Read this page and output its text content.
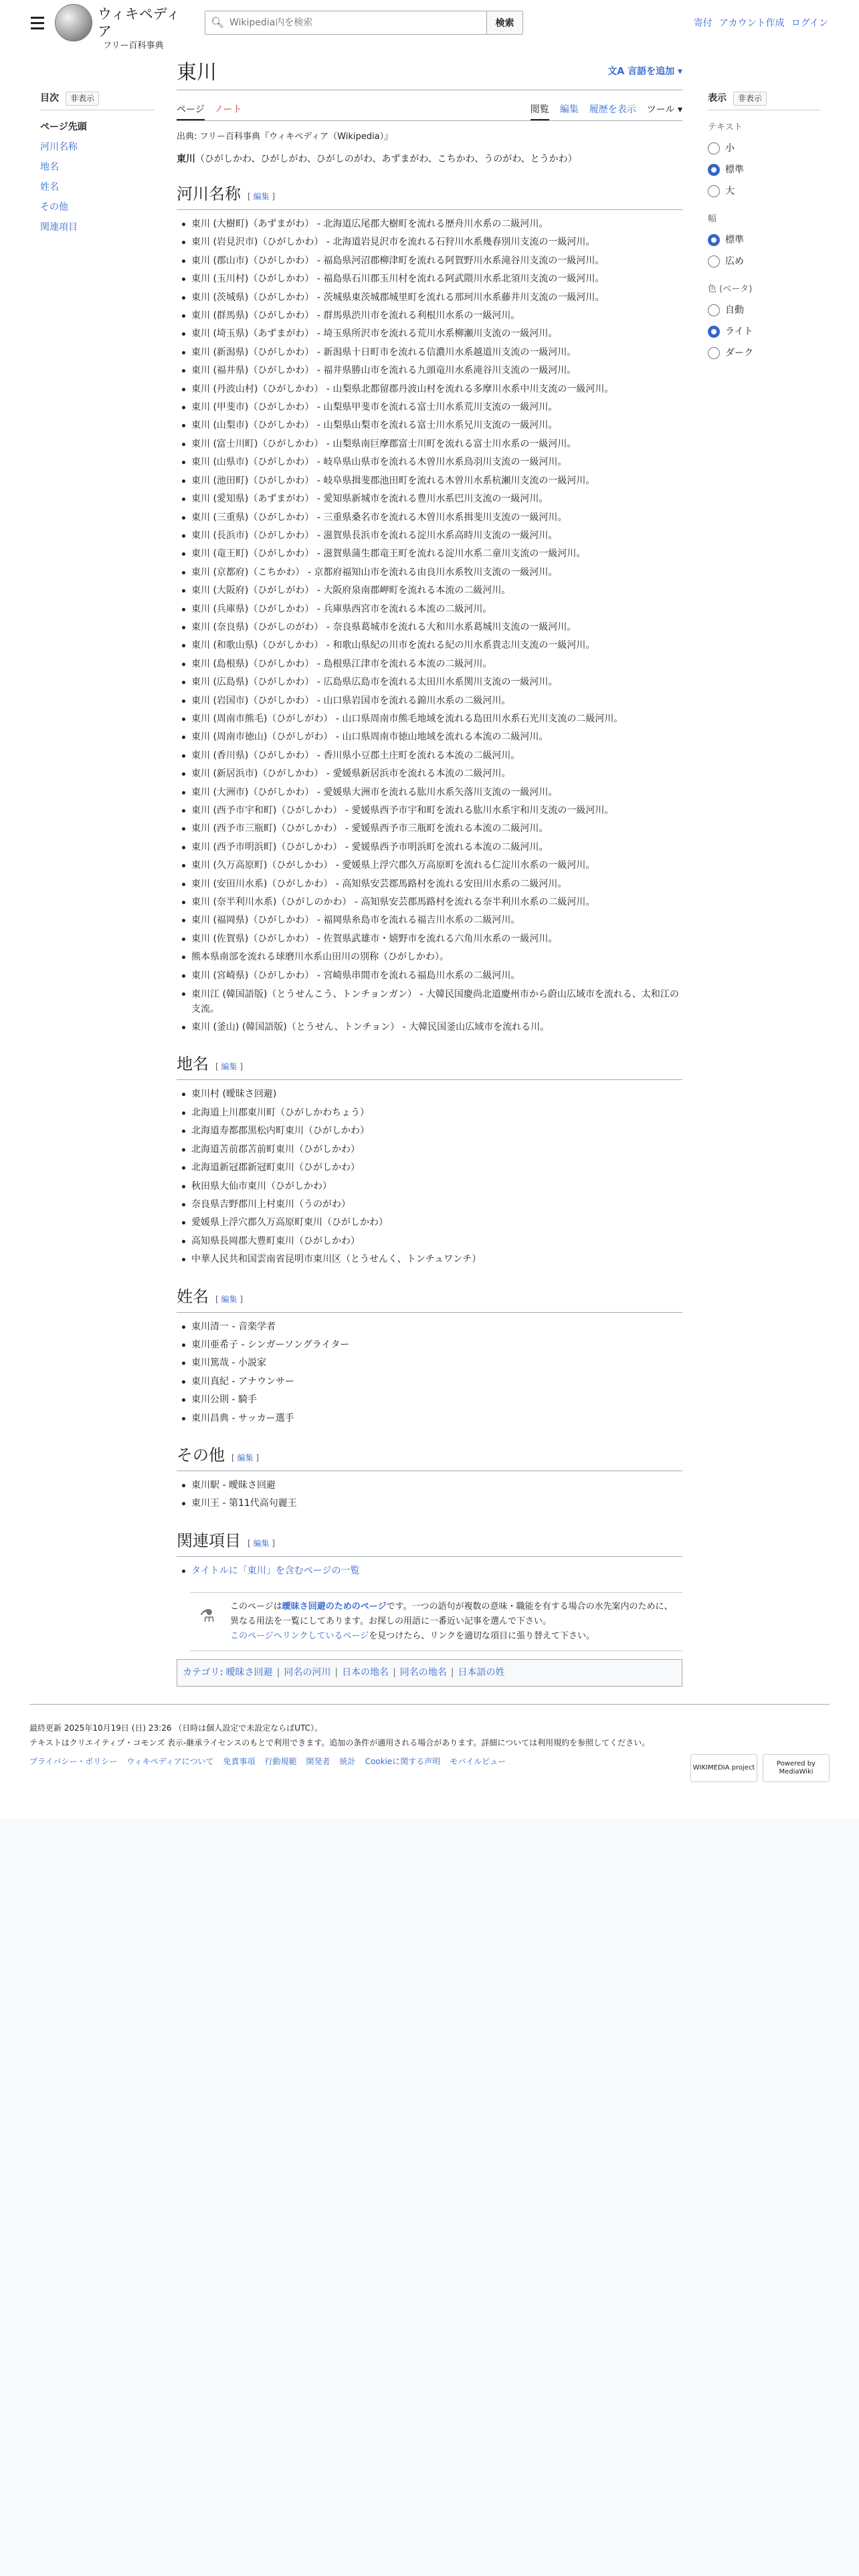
ウィキペディア
フリー百科事典
🔍︎
Wikipedia内を検索	検索	寄付 アカウント作成 ログイン
目次	非表示
ページ先頭
河川名称
地名
姓名
その他
関連項目
東川	文A 言語を追加 ▾
ページ ノート	閲覧 編集 履歴を表示 ツール ▾
出典: フリー百科事典『ウィキペディア（Wikipedia）』
東川（ひがしかわ、ひがしがわ、ひがしのがわ、あずまがわ、こちかわ、うのがわ、とうかわ）
河川名称 [ 編集 ]
東川 (大樹町)（あずまがわ） - 北海道広尾郡大樹町を流れる歴舟川水系の二級河川。
東川 (岩見沢市)（ひがしかわ） - 北海道岩見沢市を流れる石狩川水系幾春別川支流の一級河川。
東川 (郡山市)（ひがしかわ） - 福島県河沼郡柳津町を流れる阿賀野川水系滝谷川支流の一級河川。
東川 (玉川村)（ひがしかわ） - 福島県石川郡玉川村を流れる阿武隈川水系北須川支流の一級河川。
東川 (茨城県)（ひがしかわ） - 茨城県東茨城郡城里町を流れる那珂川水系藤井川支流の一級河川。
東川 (群馬県)（ひがしかわ） - 群馬県渋川市を流れる利根川水系の一級河川。
東川 (埼玉県)（あずまがわ） - 埼玉県所沢市を流れる荒川水系柳瀬川支流の一級河川。
東川 (新潟県)（ひがしかわ） - 新潟県十日町市を流れる信濃川水系越道川支流の一級河川。
東川 (福井県)（ひがしかわ） - 福井県勝山市を流れる九頭竜川水系滝谷川支流の一級河川。
東川 (丹波山村)（ひがしかわ） - 山梨県北都留郡丹波山村を流れる多摩川水系中川支流の一級河川。
東川 (甲斐市)（ひがしかわ） - 山梨県甲斐市を流れる富士川水系荒川支流の一級河川。
東川 (山梨市)（ひがしかわ） - 山梨県山梨市を流れる富士川水系兄川支流の一級河川。
東川 (富士川町)（ひがしかわ） - 山梨県南巨摩郡富士川町を流れる富士川水系の一級河川。
東川 (山県市)（ひがしかわ） - 岐阜県山県市を流れる木曽川水系鳥羽川支流の一級河川。
東川 (池田町)（ひがしかわ） - 岐阜県揖斐郡池田町を流れる木曽川水系杭瀬川支流の一級河川。
東川 (愛知県)（あずまがわ） - 愛知県新城市を流れる豊川水系巴川支流の一級河川。
東川 (三重県)（ひがしかわ） - 三重県桑名市を流れる木曽川水系揖斐川支流の一級河川。
東川 (長浜市)（ひがしかわ） - 滋賀県長浜市を流れる淀川水系高時川支流の一級河川。
東川 (竜王町)（ひがしかわ） - 滋賀県蒲生郡竜王町を流れる淀川水系二童川支流の一級河川。
東川 (京都府)（こちかわ） - 京都府福知山市を流れる由良川水系牧川支流の一級河川。
東川 (大阪府)（ひがしがわ） - 大阪府泉南郡岬町を流れる本流の二級河川。
東川 (兵庫県)（ひがしかわ） - 兵庫県西宮市を流れる本流の二級河川。
東川 (奈良県)（ひがしのがわ） - 奈良県葛城市を流れる大和川水系葛城川支流の一級河川。
東川 (和歌山県)（ひがしかわ） - 和歌山県紀の川市を流れる紀の川水系貴志川支流の一級河川。
東川 (島根県)（ひがしかわ） - 島根県江津市を流れる本流の二級河川。
東川 (広島県)（ひがしかわ） - 広島県広島市を流れる太田川水系関川支流の一級河川。
東川 (岩国市)（ひがしかわ） - 山口県岩国市を流れる錦川水系の二級河川。
東川 (周南市熊毛)（ひがしがわ） - 山口県周南市熊毛地域を流れる島田川水系石光川支流の二級河川。
東川 (周南市徳山)（ひがしがわ） - 山口県周南市徳山地域を流れる本流の二級河川。
東川 (香川県)（ひがしかわ） - 香川県小豆郡土庄町を流れる本流の二級河川。
東川 (新居浜市)（ひがしかわ） - 愛媛県新居浜市を流れる本流の二級河川。
東川 (大洲市)（ひがしかわ） - 愛媛県大洲市を流れる肱川水系矢落川支流の一級河川。
東川 (西予市宇和町)（ひがしかわ） - 愛媛県西予市宇和町を流れる肱川水系宇和川支流の一級河川。
東川 (西予市三瓶町)（ひがしかわ） - 愛媛県西予市三瓶町を流れる本流の二級河川。
東川 (西予市明浜町)（ひがしかわ） - 愛媛県西予市明浜町を流れる本流の二級河川。
東川 (久万高原町)（ひがしかわ） - 愛媛県上浮穴郡久万高原町を流れる仁淀川水系の一級河川。
東川 (安田川水系)（ひがしかわ） - 高知県安芸郡馬路村を流れる安田川水系の二級河川。
東川 (奈半利川水系)（ひがしのかわ） - 高知県安芸郡馬路村を流れる奈半利川水系の二級河川。
東川 (福岡県)（ひがしかわ） - 福岡県糸島市を流れる福吉川水系の二級河川。
東川 (佐賀県)（ひがしかわ） - 佐賀県武雄市・嬉野市を流れる六角川水系の一級河川。
熊本県南部を流れる球磨川水系山田川の別称（ひがしかわ）。
東川 (宮崎県)（ひがしかわ） - 宮崎県串間市を流れる福島川水系の二級河川。
東川江 (韓国語版)（とうせんこう、トンチョンガン） - 大韓民国慶尚北道慶州市から蔚山広域市を流れる、太和江の支流。
東川 (釜山) (韓国語版)（とうせん、トンチョン） - 大韓民国釜山広域市を流れる川。
地名 [ 編集 ]
東川村 (曖昧さ回避)
北海道上川郡東川町（ひがしかわちょう）
北海道寿都郡黒松内町東川（ひがしかわ）
北海道苫前郡苫前町東川（ひがしかわ）
北海道新冠郡新冠町東川（ひがしかわ）
秋田県大仙市東川（ひがしかわ）
奈良県吉野郡川上村東川（うのがわ）
愛媛県上浮穴郡久万高原町東川（ひがしかわ）
高知県長岡郡大豊町東川（ひがしかわ）
中華人民共和国雲南省昆明市東川区（とうせんく、トンチュワンチ）
姓名 [ 編集 ]
東川清一 - 音楽学者
東川亜希子 - シンガーソングライター
東川篤哉 - 小説家
東川真紀 - アナウンサー
東川公則 - 騎手
東川昌典 - サッカー選手
その他 [ 編集 ]
東川駅 - 曖昧さ回避
東川王 - 第11代高句麗王
関連項目 [ 編集 ]
タイトルに「東川」を含むページの一覧
⚗︎ このページは曖昧さ回避のためのページです。一つの語句が複数の意味・職能を有する場合の水先案内のために、異なる用法を一覧にしてあります。お探しの用語に一番近い記事を選んで下さい。
このページへリンクしているページを見つけたら、リンクを適切な項目に張り替えて下さい。
カテゴリ: 曖昧さ回避 | 同名の河川 | 日本の地名 | 同名の地名 | 日本語の姓
表示	非表示
テキスト
小
標準
大
幅
標準
広め
色 (ベータ)
自動
ライト
ダーク
最終更新 2025年10月19日 (日) 23:26 （日時は個人設定で未設定ならばUTC）。
テキストはクリエイティブ・コモンズ 表示-継承ライセンスのもとで利用できます。追加の条件が適用される場合があります。詳細については利用規約を参照してください。
プライバシー・ポリシー ウィキペディアについて 免責事項 行動規範 開発者 統計 Cookieに関する声明 モバイルビュー
WIKIMEDIA project
Powered by MediaWiki
